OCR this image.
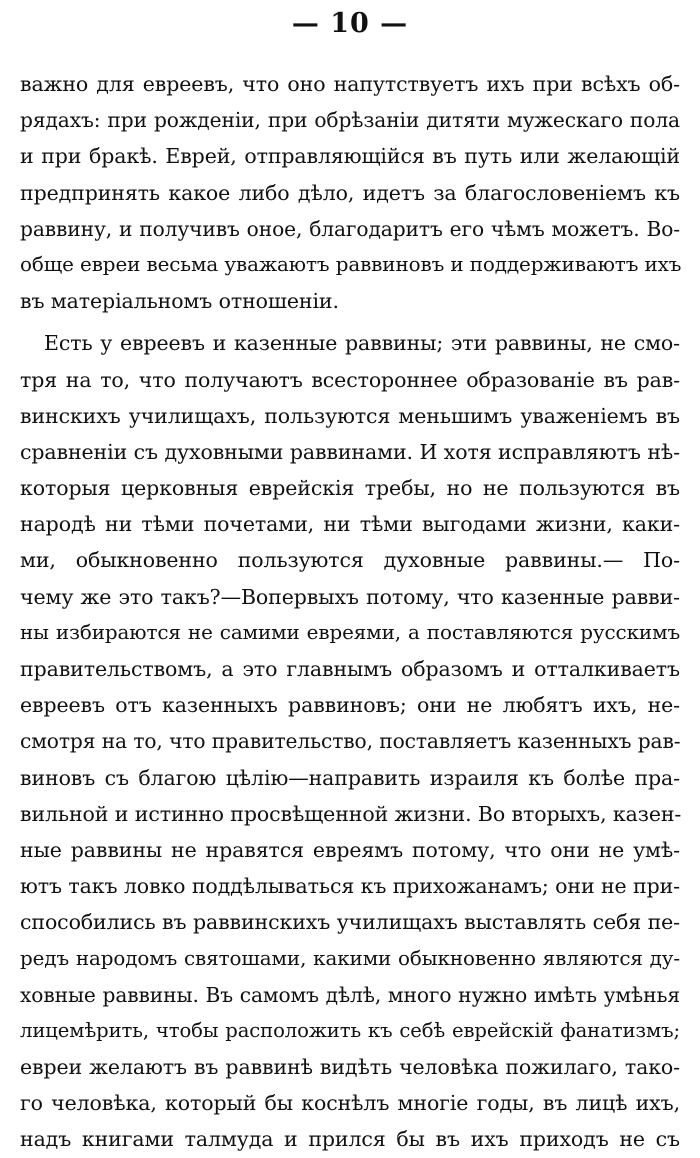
— 10 —
важно для евреевъ, что оно напутствуетъ ихъ при всѣхъ об-
рядахъ: при рожденіи, при обрѣзаніи дитяти мужескаго пола
и при бракѣ. Еврей, отправляющійся въ путь или желающій
предпринять какое либо дѣло, идетъ за благословеніемъ къ
раввину, и получивъ оное, благодаритъ его чѣмъ можетъ. Во-
обще евреи весьма уважаютъ раввиновъ и поддерживаютъ ихъ
въ матеріальномъ отношеніи.
Есть у евреевъ и казенные раввины; эти раввины, не смо-
тря на то, что получаютъ всестороннее образованіе въ рав-
винскихъ училищахъ, пользуются меньшимъ уваженіемъ въ
сравненіи съ духовными раввинами. И хотя исправляютъ нѣ-
которыя церковныя еврейскія требы, но не пользуются въ
народѣ ни тѣми почетами, ни тѣми выгодами жизни, каки-
ми, обыкновенно пользуются духовные раввины.— По-
чему же это такъ?—Вопервыхъ потому, что казенные равви-
ны избираются не самими евреями, а поставляются русскимъ
правительствомъ, а это главнымъ образомъ и отталкиваетъ
евреевъ отъ казенныхъ раввиновъ; они не любятъ ихъ, не-
смотря на то, что правительство, поставляетъ казенныхъ рав-
виновъ съ благою цѣлію—направить израиля къ болѣе пра-
вильной и истинно просвѣщенной жизни. Во вторыхъ, казен-
ные раввины не нравятся евреямъ потому, что они не умѣ-
ютъ такъ ловко поддѣлываться къ прихожанамъ; они не при-
способились въ раввинскихъ училищахъ выставлять себя пе-
редъ народомъ святошами, какими обыкновенно являются ду-
ховные раввины. Въ самомъ дѣлѣ, много нужно имѣть умѣнья
лицемѣрить, чтобы расположить къ себѣ еврейскій фанатизмъ;
евреи желаютъ въ раввинѣ видѣть человѣка пожилаго, тако-
го человѣка, который бы коснѣлъ многіе годы, въ лицѣ ихъ,
надъ книгами талмуда и прился бы въ ихъ приходъ не съ
